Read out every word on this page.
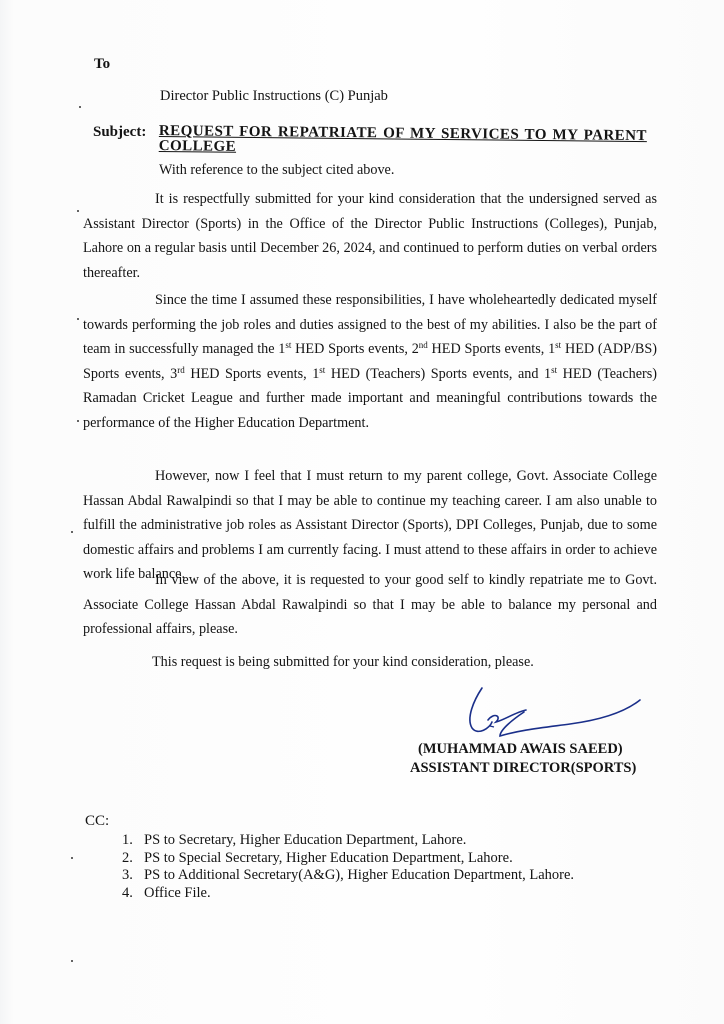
To
Director Public Instructions (C) Punjab
Subject: REQUEST FOR REPATRIATE OF MY SERVICES TO MY PARENT COLLEGE
With reference to the subject cited above.
It is respectfully submitted for your kind consideration that the undersigned served as Assistant Director (Sports) in the Office of the Director Public Instructions (Colleges), Punjab, Lahore on a regular basis until December 26, 2024, and continued to perform duties on verbal orders thereafter.
Since the time I assumed these responsibilities, I have wholeheartedly dedicated myself towards performing the job roles and duties assigned to the best of my abilities. I also be the part of team in successfully managed the 1st HED Sports events, 2nd HED Sports events, 1st HED (ADP/BS) Sports events, 3rd HED Sports events, 1st HED (Teachers) Sports events, and 1st HED (Teachers) Ramadan Cricket League and further made important and meaningful contributions towards the performance of the Higher Education Department.
However, now I feel that I must return to my parent college, Govt. Associate College Hassan Abdal Rawalpindi so that I may be able to continue my teaching career. I am also unable to fulfill the administrative job roles as Assistant Director (Sports), DPI Colleges, Punjab, due to some domestic affairs and problems I am currently facing. I must attend to these affairs in order to achieve work life balance.
In view of the above, it is requested to your good self to kindly repatriate me to Govt. Associate College Hassan Abdal Rawalpindi so that I may be able to balance my personal and professional affairs, please.
This request is being submitted for your kind consideration, please.
(MUHAMMAD AWAIS SAEED)
ASSISTANT DIRECTOR(SPORTS)
CC:
1. PS to Secretary, Higher Education Department, Lahore.
2. PS to Special Secretary, Higher Education Department, Lahore.
3. PS to Additional Secretary(A&G), Higher Education Department, Lahore.
4. Office File.
